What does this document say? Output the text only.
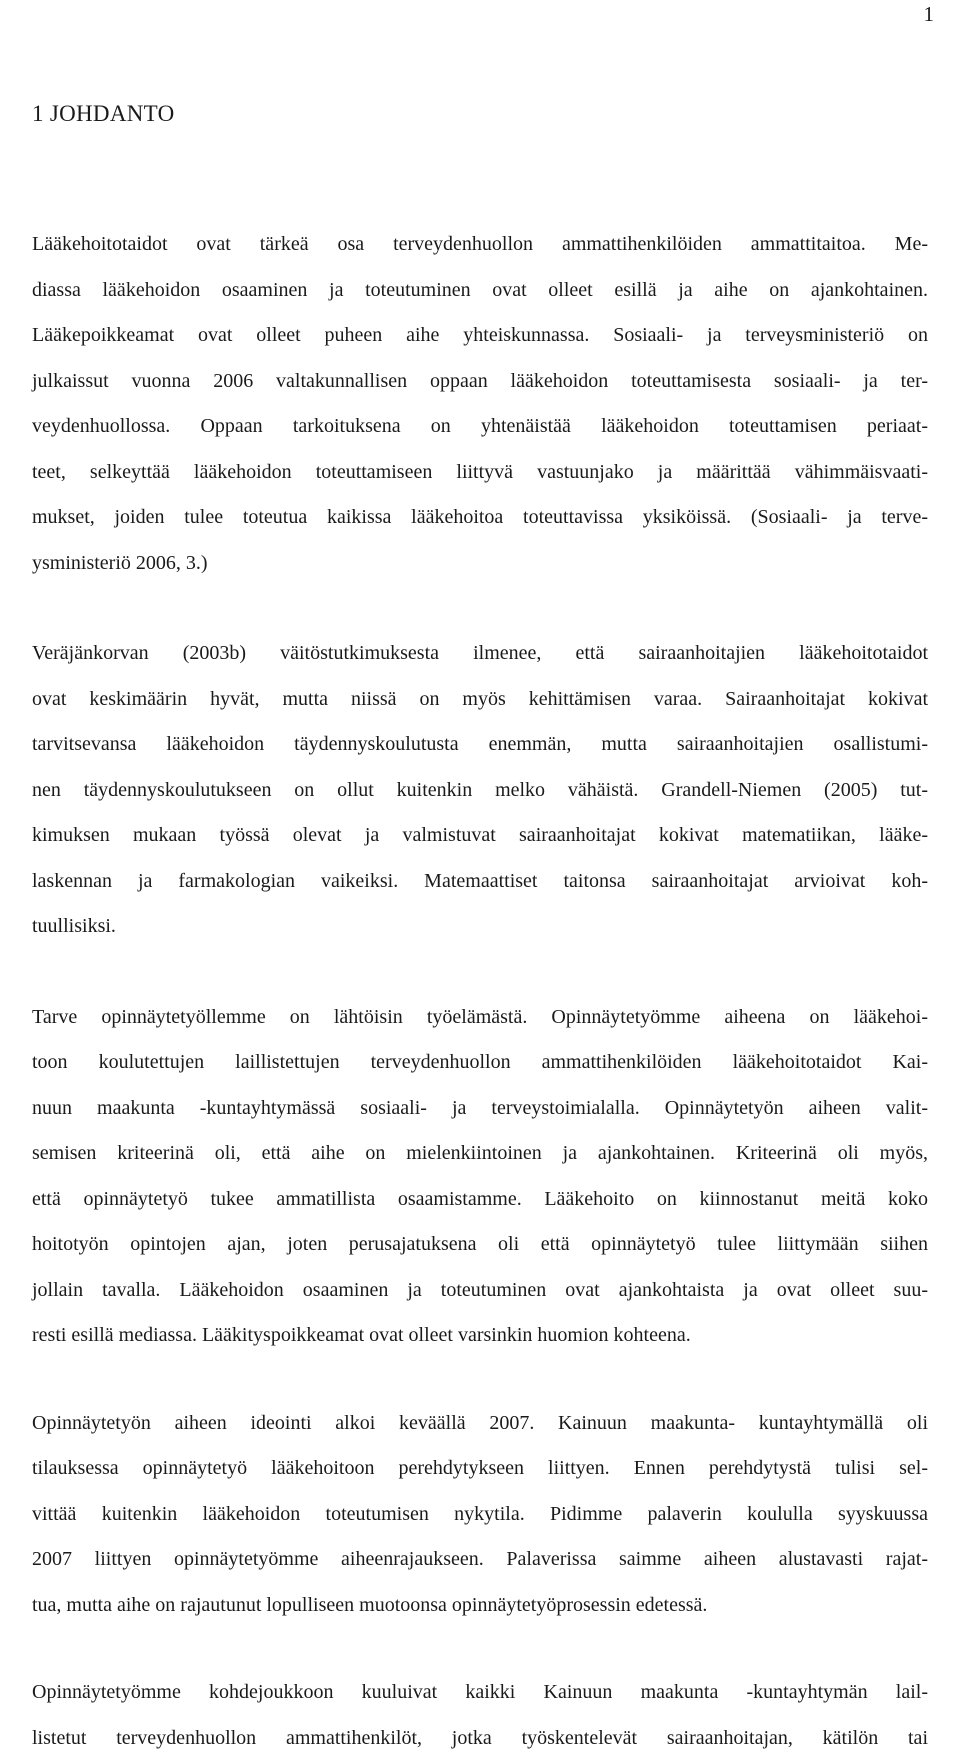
1
1 JOHDANTO

Lääkehoitotaidot ovat tärkeä osa terveydenhuollon ammattihenkilöiden ammattitaitoa. Me-
diassa lääkehoidon osaaminen ja toteutuminen ovat olleet esillä ja aihe on ajankohtainen.
Lääkepoikkeamat ovat olleet puheen aihe yhteiskunnassa. Sosiaali- ja terveysministeriö on
julkaissut vuonna 2006 valtakunnallisen oppaan lääkehoidon toteuttamisesta sosiaali- ja ter-
veydenhuollossa. Oppaan tarkoituksena on yhtenäistää lääkehoidon toteuttamisen periaat-
teet, selkeyttää lääkehoidon toteuttamiseen liittyvä vastuunjako ja määrittää vähimmäisvaati-
mukset, joiden tulee toteutua kaikissa lääkehoitoa toteuttavissa yksiköissä. (Sosiaali- ja terve-
ysministeriö 2006, 3.)

Veräjänkorvan (2003b) väitöstutkimuksesta ilmenee, että sairaanhoitajien lääkehoitotaidot
ovat keskimäärin hyvät, mutta niissä on myös kehittämisen varaa. Sairaanhoitajat kokivat
tarvitsevansa lääkehoidon täydennyskoulutusta enemmän, mutta sairaanhoitajien osallistumi-
nen täydennyskoulutukseen on ollut kuitenkin melko vähäistä. Grandell-Niemen (2005) tut-
kimuksen mukaan työssä olevat ja valmistuvat sairaanhoitajat kokivat matematiikan, lääke-
laskennan ja farmakologian vaikeiksi. Matemaattiset taitonsa sairaanhoitajat arvioivat koh-
tuullisiksi.

Tarve opinnäytetyöllemme on lähtöisin työelämästä. Opinnäytetyömme aiheena on lääkehoi-
toon koulutettujen laillistettujen terveydenhuollon ammattihenkilöiden lääkehoitotaidot Kai-
nuun maakunta -kuntayhtymässä sosiaali- ja terveystoimialalla. Opinnäytetyön aiheen valit-
semisen kriteerinä oli, että aihe on mielenkiintoinen ja ajankohtainen. Kriteerinä oli myös,
että opinnäytetyö tukee ammatillista osaamistamme. Lääkehoito on kiinnostanut meitä koko
hoitotyön opintojen ajan, joten perusajatuksena oli että opinnäytetyö tulee liittymään siihen
jollain tavalla. Lääkehoidon osaaminen ja toteutuminen ovat ajankohtaista ja ovat olleet suu-
resti esillä mediassa. Lääkityspoikkeamat ovat olleet varsinkin huomion kohteena.

Opinnäytetyön aiheen ideointi alkoi keväällä 2007. Kainuun maakunta- kuntayhtymällä oli
tilauksessa opinnäytetyö lääkehoitoon perehdytykseen liittyen. Ennen perehdytystä tulisi sel-
vittää kuitenkin lääkehoidon toteutumisen nykytila. Pidimme palaverin koululla syyskuussa
2007 liittyen opinnäytetyömme aiheenrajaukseen. Palaverissa saimme aiheen alustavasti rajat-
tua, mutta aihe on rajautunut lopulliseen muotoonsa opinnäytetyöprosessin edetessä.

Opinnäytetyömme kohdejoukkoon kuuluivat kaikki Kainuun maakunta -kuntayhtymän lail-
listetut terveydenhuollon ammattihenkilöt, jotka työskentelevät sairaanhoitajan, kätilön tai
